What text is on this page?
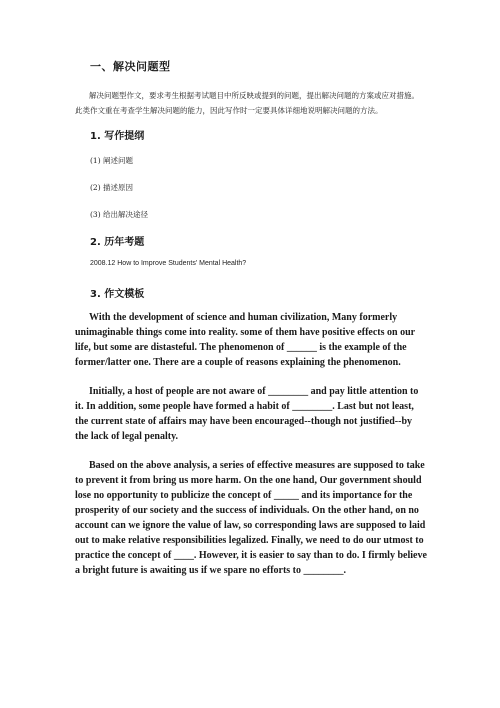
一、解决问题型
解决问题型作文，要求考生根据考试题目中所反映或提到的问题，提出解决问题的方案或应对措施。此类作文重在考查学生解决问题的能力，因此写作时一定要具体详细地说明解决问题的方法。
1. 写作提纲
(1) 阐述问题
(2) 描述原因
(3) 给出解决途径
2. 历年考题
2008.12 How to Improve Students' Mental Health?
3. 作文模板
With the development of science and human civilization, Many formerly unimaginable things come into reality. some of them have positive effects on our life, but some are distasteful. The phenomenon of ______ is the example of the former/latter one. There are a couple of reasons explaining the phenomenon.
Initially, a host of people are not aware of ________ and pay little attention to it. In addition, some people have formed a habit of ________. Last but not least, the current state of affairs may have been encouraged--though not justified--by the lack of legal penalty.
Based on the above analysis, a series of effective measures are supposed to take to prevent it from bring us more harm. On the one hand, Our government should lose no opportunity to publicize the concept of _____ and its importance for the prosperity of our society and the success of individuals. On the other hand, on no account can we ignore the value of law, so corresponding laws are supposed to laid out to make relative responsibilities legalized. Finally, we need to do our utmost to practice the concept of ____. However, it is easier to say than to do. I firmly believe a bright future is awaiting us if we spare no efforts to ________.
